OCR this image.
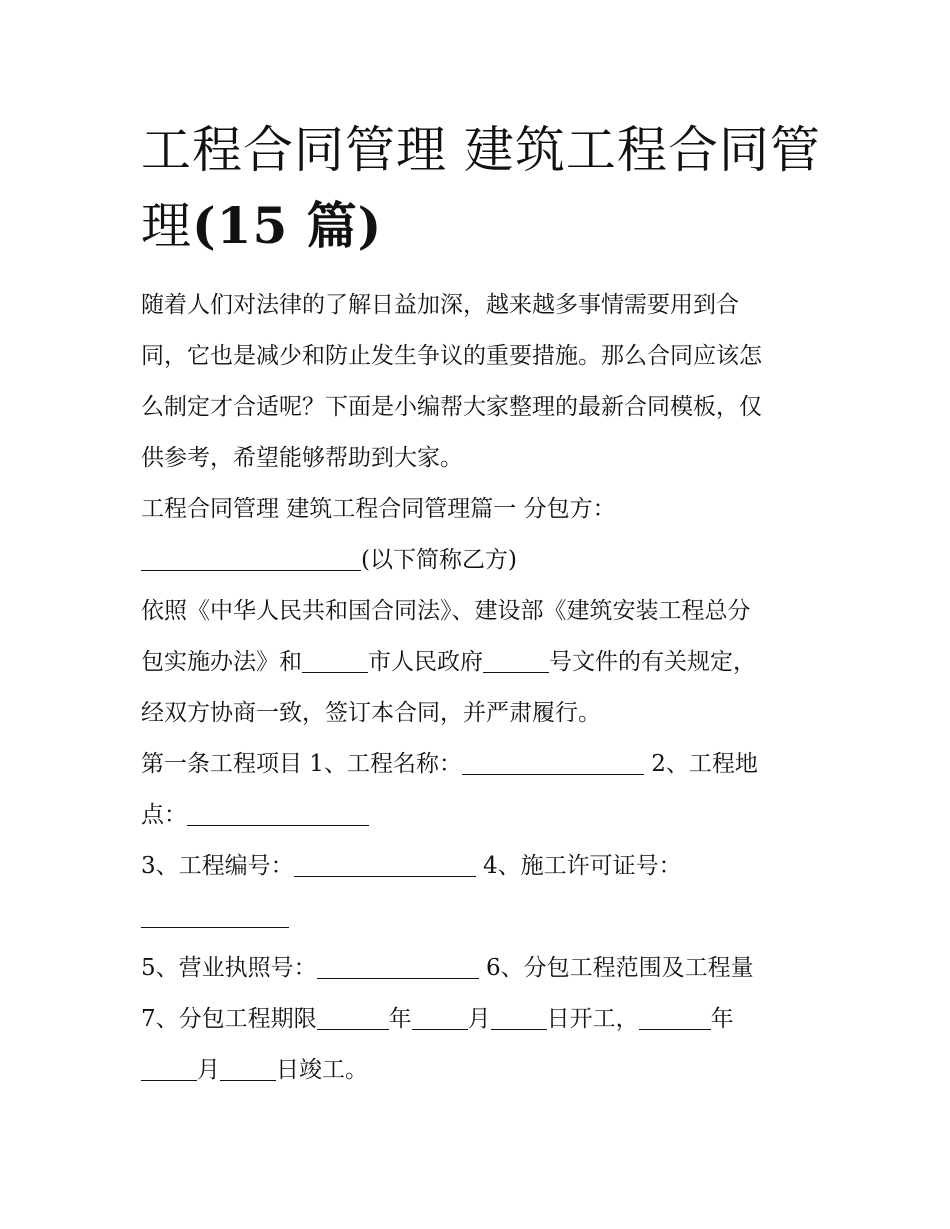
工程合同管理 建筑工程合同管
理(15 篇)

随着人们对法律的了解日益加深，越来越多事情需要用到合

同，它也是减少和防止发生争议的重要措施。那么合同应该怎

么制定才合适呢？下面是小编帮大家整理的最新合同模板，仅

供参考，希望能够帮助到大家。

工程合同管理 建筑工程合同管理篇一 分包方：

(以下简称乙方)

依照《中华人民共和国合同法》、建设部《建筑安装工程总分

包实施办法》和	市人民政府	号文件的有关规定，

经双方协商一致，签订本合同，并严肃履行。

第一条工程项目 1、工程名称：	2、工程地

点：

3、工程编号：	4、施工许可证号：

5、营业执照号：	6、分包工程范围及工程量

7、分包工程期限	年 月 日开工，	年

月 日竣工。
